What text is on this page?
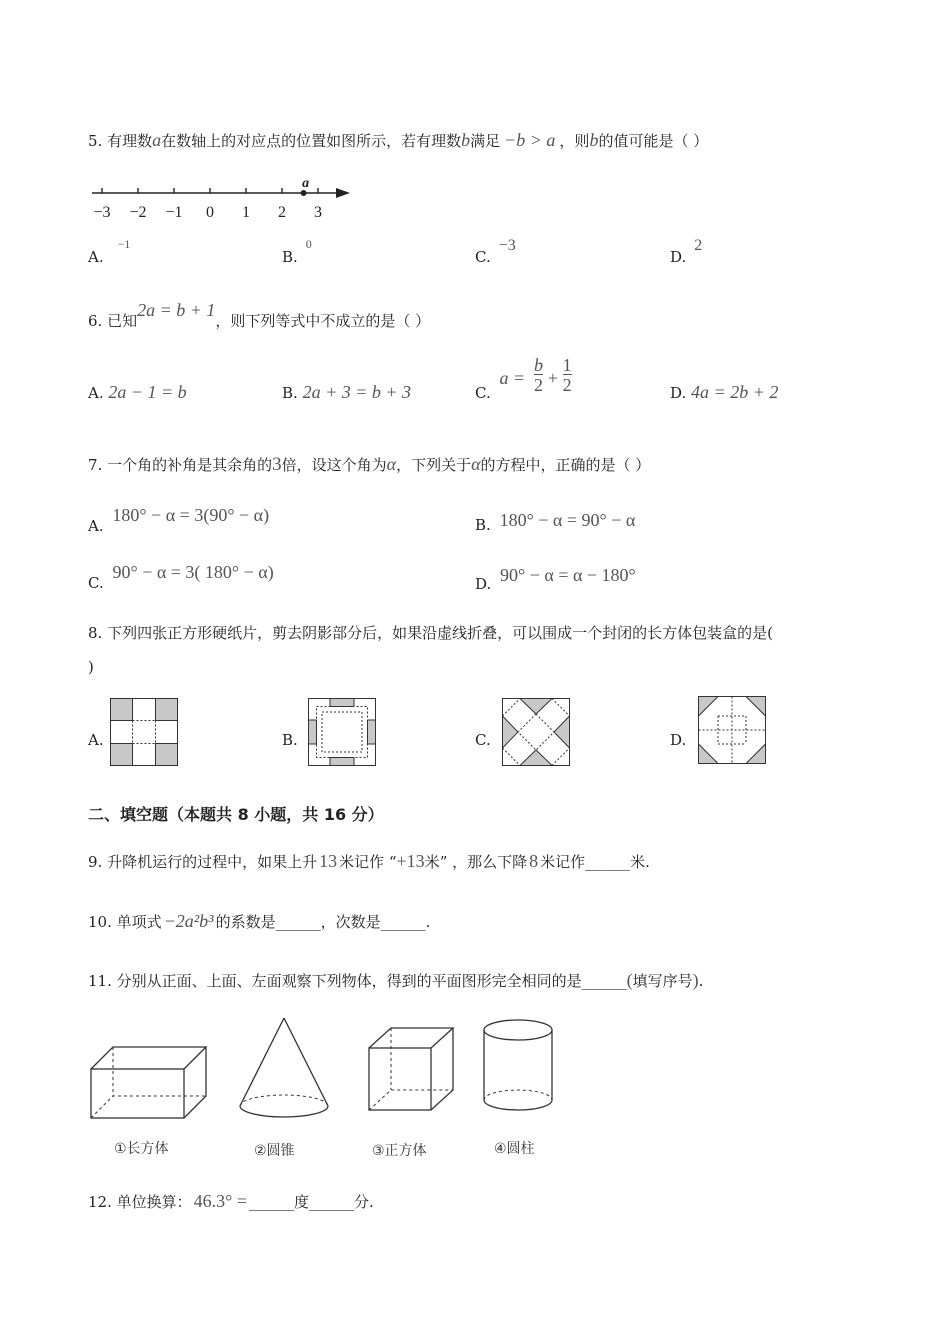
5. 有理数a在数轴上的对应点的位置如图所示，若有理数b满足 −b > a ，则b的值可能是（ ）
−3 −2 −1 0 1 2 3
a
A.$^{-1}$
B.$^0$
C.−3
D.2
6. 已知2a = b + 1，则下列等式中不成立的是（ ）
A. 2a − 1 = b	B. 2a + 3 = b + 3	C. $a = \frac{b}{2} + \frac{1}{2}$	D. 4a = 2b + 2
7. 一个角的补角是其余角的3倍，设这个角为α，下列关于α的方程中，正确的是（ ）
A. 180° − α = 3(90° − α)	B. 180° − α = 90° − α
C. 90° − α = 3( 180° − α)
D. 90° − α = α − 180°
8. 下列四张正方形硬纸片，剪去阴影部分后，如果沿虚线折叠，可以围成一个封闭的长方体包装盒的是(
)
A.	B.	C.	D.
二、填空题（本题共 8 小题，共 16 分）
9. 升降机运行的过程中，如果上升 13 米记作 “+13米” ，那么下降 8 米记作______米.
10. 单项式 −2a²b³ 的系数是______，次数是______.
11. 分别从正面、上面、左面观察下列物体，得到的平面图形完全相同的是______(填写序号).
①长方体	②圆锥	③正方体	④圆柱
12. 单位换算： 46.3° = ______度______分.
